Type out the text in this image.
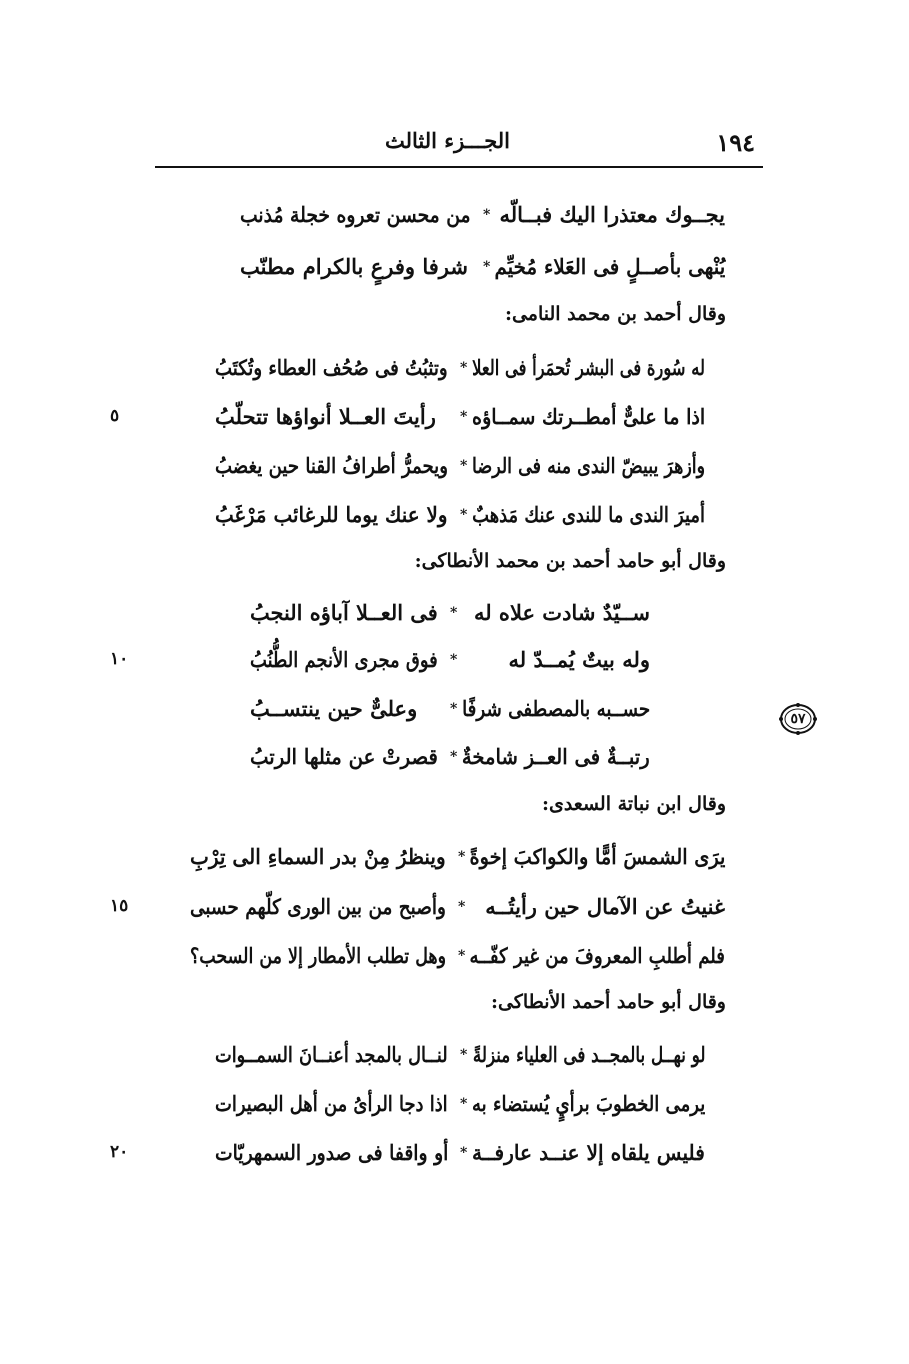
١٩٤
الجـــزء الثالث
٥٧
يجــوك معتذرا اليك فبــالّه
*
من محسن تعروه خجلة مُذنب
يُنْهى بأصــلٍ فى العَلاء مُخيِّم
*
شرفا وفرعٍ بالكرام مطنّب
وقال أحمد بن محمد النامى:
له سُورة فى البشر تُحمَرأ فى العلا
*
وتثبُتُ فى صُحُف العطاء وتُكتَبُ
اذا ما علىٌّ أمطــرتك سمــاؤه
*
رأيتَ العــلا أنواؤها تتحلّبُ
٥
وأزهرَ يبيضّ الندى منه فى الرضا
*
ويحمرُّ أطرافُ القنا حين يغضبُ
أميرَ الندى ما للندى عنك مَذهبٌ
*
ولا عنك يوما للرغائب مَرْغَبُ
وقال أبو حامد أحمد بن محمد الأنطاكى:
ســيّدٌ شادت علاه له
*
فى العــلا آباؤه النجبُ
وله بيتٌ يُمــدّ له
*
فوق مجرى الأنجم الطُّنُبُ
١٠
حســبه بالمصطفى شرفًا
*
وعلىٌّ حين ينتســبُ
رتبــةٌ فى العــز شامخةٌ
*
قصرتْ عن مثلها الرتبُ
وقال ابن نباتة السعدى:
يرَى الشمسَ أمًّا والكواكبَ إخوةً
*
وينظرُ مِنْ بدر السماءِ الى تِرْبِ
غنيتُ عن الآمال حين رأيتُــه
*
وأصبح من بين الورى كلّهم حسبى
١٥
فلم أطلبِ المعروفَ من غير كفّــه
*
وهل تطلب الأمطار إلا من السحب؟
وقال أبو حامد أحمد الأنطاكى:
لو نهــل بالمجــد فى العلياء منزلةً
*
لنــال بالمجد أعنــانَ السمــوات
يرمى الخطوبَ برأيٍ يُستضاء به
*
اذا دجا الرأىُ من أهل البصيرات
فليس يلقاه إلا عنــد عارفــة
*
أو واقفا فى صدور السمهريّات
٢٠
